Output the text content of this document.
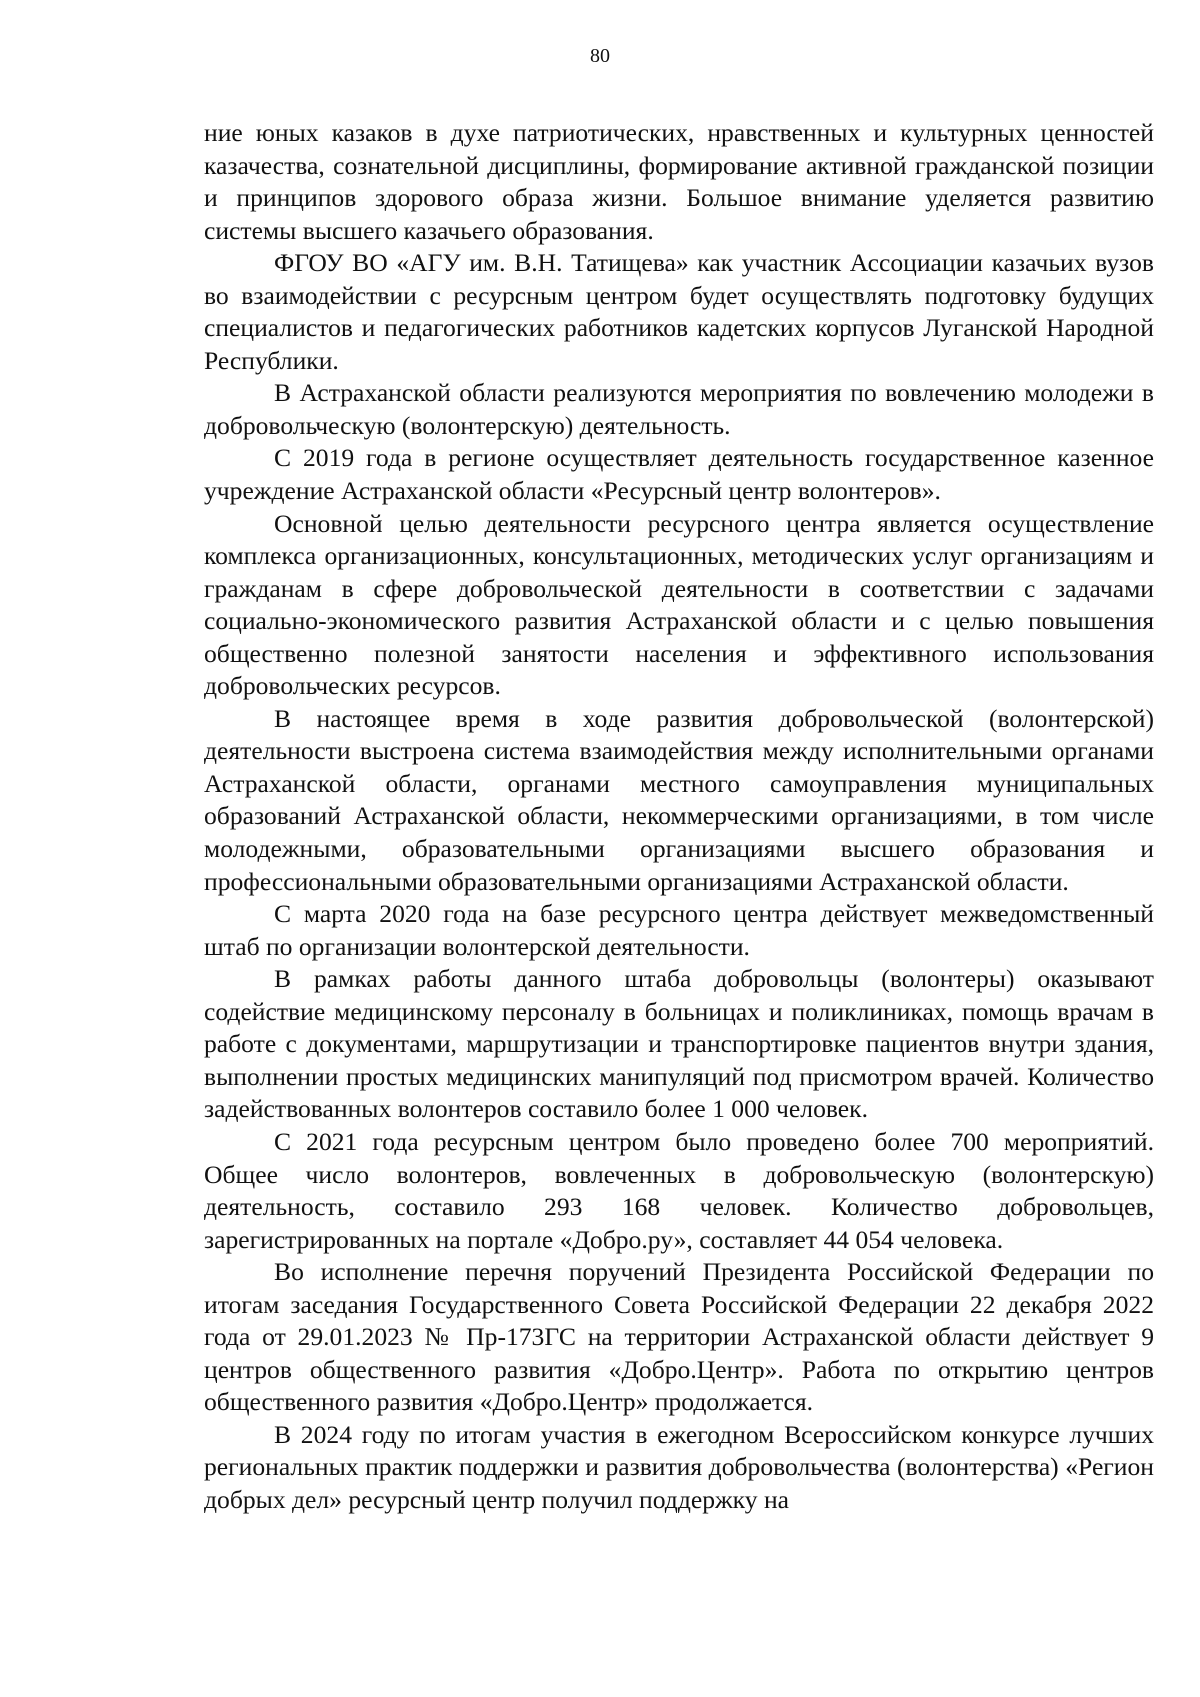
80

ние юных казаков в духе патриотических, нравственных и культурных ценностей казачества, сознательной дисциплины, формирование активной гражданской позиции и принципов здорового образа жизни. Большое внимание уделяется развитию системы высшего казачьего образования.

ФГОУ ВО «АГУ им. В.Н. Татищева» как участник Ассоциации казачьих вузов во взаимодействии с ресурсным центром будет осуществлять подготовку будущих специалистов и педагогических работников кадетских корпусов Луганской Народной Республики.

В Астраханской области реализуются мероприятия по вовлечению молодежи в добровольческую (волонтерскую) деятельность.

С 2019 года в регионе осуществляет деятельность государственное казенное учреждение Астраханской области «Ресурсный центр волонтеров».

Основной целью деятельности ресурсного центра является осуществление комплекса организационных, консультационных, методических услуг организациям и гражданам в сфере добровольческой деятельности в соответствии с задачами социально-экономического развития Астраханской области и с целью повышения общественно полезной занятости населения и эффективного использования добровольческих ресурсов.

В настоящее время в ходе развития добровольческой (волонтерской) деятельности выстроена система взаимодействия между исполнительными органами Астраханской области, органами местного самоуправления муниципальных образований Астраханской области, некоммерческими организациями, в том числе молодежными, образовательными организациями высшего образования и профессиональными образовательными организациями Астраханской области.

С марта 2020 года на базе ресурсного центра действует межведомственный штаб по организации волонтерской деятельности.

В рамках работы данного штаба добровольцы (волонтеры) оказывают содействие медицинскому персоналу в больницах и поликлиниках, помощь врачам в работе с документами, маршрутизации и транспортировке пациентов внутри здания, выполнении простых медицинских манипуляций под присмотром врачей. Количество задействованных волонтеров составило более 1 000 человек.

С 2021 года ресурсным центром было проведено более 700 мероприятий. Общее число волонтеров, вовлеченных в добровольческую (волонтерскую) деятельность, составило 293 168 человек. Количество добровольцев, зарегистрированных на портале «Добро.ру», составляет 44 054 человека.

Во исполнение перечня поручений Президента Российской Федерации по итогам заседания Государственного Совета Российской Федерации 22 декабря 2022 года от 29.01.2023 № Пр-173ГС на территории Астраханской области действует 9 центров общественного развития «Добро.Центр». Работа по открытию центров общественного развития «Добро.Центр» продолжается.

В 2024 году по итогам участия в ежегодном Всероссийском конкурсе лучших региональных практик поддержки и развития добровольчества (волонтерства) «Регион добрых дел» ресурсный центр получил поддержку на
